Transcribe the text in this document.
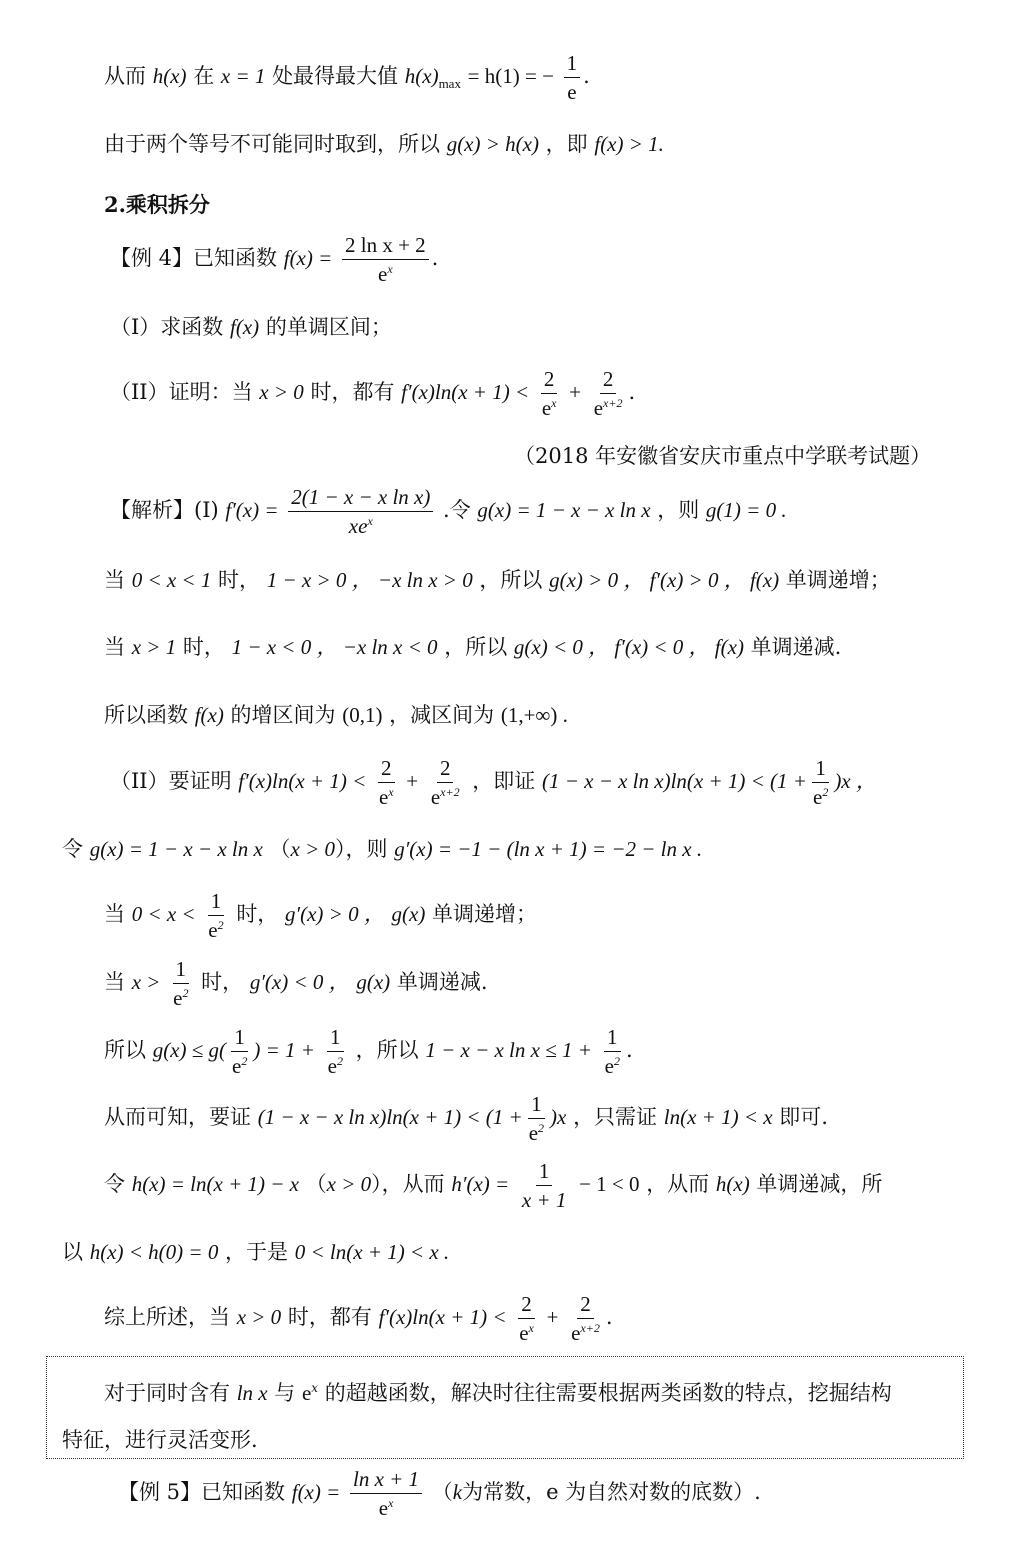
从而 h(x) 在 x = 1 处最得最大值 $h(x)_{max} = h(1)$ = − $\frac{1}{e}$ .
由于两个等号不可能同时取到，所以 g(x) > h(x) ，即 f(x) > 1.
2.乘积拆分
【例 4】已知函数 $f(x) = \frac{\text{2 ln x + 2}}{e^x}$ .
（I）求函数 f(x) 的单调区间；
（II）证明：当 x > 0 时，都有 $f'(x)\ln(x + 1) < \frac{2}{e^x} + \frac{2}{e^{x+2}}$ .
（2018 年安徽省安庆市重点中学联考试题）
【解析】(I) $f'(x) = \frac{\text{2(1 − x − x ln x)}}{xe^x}$ .令 g(x) = 1 − x − x ln x ，则 g(1) = 0 .
当 0 < x < 1 时， 1 − x > 0 ， −x ln x > 0 ，所以 g(x) > 0 ， f′(x) > 0 ， f(x) 单调递增；
当 x > 1 时， 1 − x < 0 ， −x ln x < 0 ，所以 g(x) < 0 ， f′(x) < 0 ， f(x) 单调递减.
所以函数 f(x) 的增区间为 (0,1) ，减区间为 (1,+∞) .
（II）要证明 $f'(x)\ln(x + 1) < \frac{2}{e^x} + \frac{2}{e^{x+2}}$ ，即证 (1 − x − x $\ln x)\ln(x + 1) < (1 + \frac{1}{e^2} )x$ ，
令 g(x) = 1 − x − x ln x （x > 0），则 g′(x) = −1 − (ln x + 1) = −2 − ln x .
当 $0 < x < \frac{1}{e^2}$ 时， g′(x) > 0 ， g(x) 单调递增；
当 $x > \frac{1}{e^2}$ 时， g′(x) < 0 ， g(x) 单调递减.
所以 $g(x) \le g( \frac{1}{e^2}$ ) = $1 + \frac{1}{e^2}$ ，所以 1 − x − x $\ln x \le 1 + \frac{1}{e^2}$ .
从而可知，要证 (1 − x − x $\ln x)\ln(x + 1) < (1 + \frac{1}{e^2} )x$ ，只需证 ln(x + 1) < x 即可.
令 h(x) = ln(x + 1) − x （x > 0），从而 $h'(x) = \frac{1}{x + 1} - 1 < 0$ ，从而 h(x) 单调递减，所
以 h(x) < h(0) = 0 ，于是 0 < ln(x + 1) < x .
综上所述，当 x > 0 时，都有 $f'(x)\ln(x + 1) < \frac{2}{e^x} + \frac{2}{e^{x+2}}$ .
对于同时含有 ln x 与 $e^x$ 的超越函数，解决时往往需要根据两类函数的特点，挖掘结构
特征，进行灵活变形.
【例 5】已知函数 $f(x) = \frac{\text{ln x + 1}}{e^x} (k$为常数，e 为自然对数的底数）.
